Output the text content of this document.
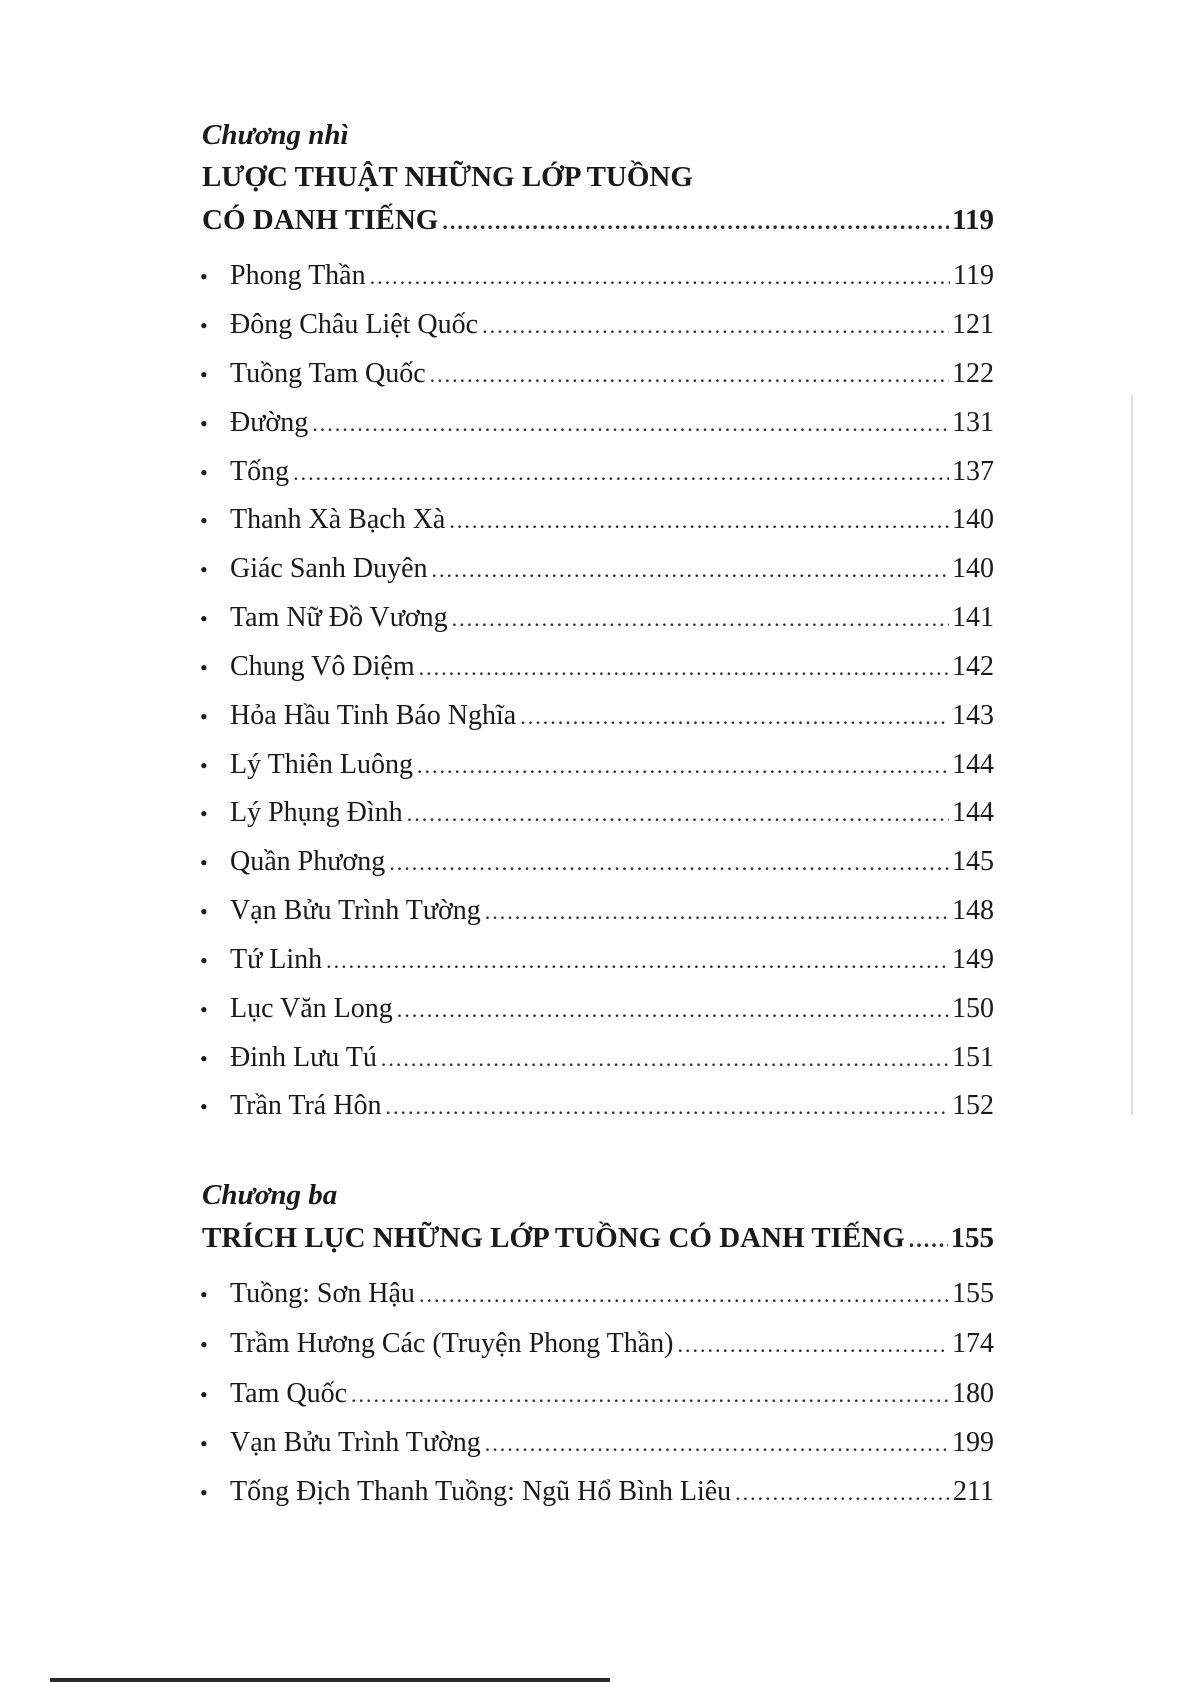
Chương nhì
LƯỢC THUẬT NHỮNG LỚP TUỒNG
CÓ DANH TIẾNG .....	119
• Phong Thần .....	119
• Đông Châu Liệt Quốc .....	121
• Tuồng Tam Quốc .....	122
• Đường .....	131
• Tống .....	137
• Thanh Xà Bạch Xà .....	140
• Giác Sanh Duyên .....	140
• Tam Nữ Đồ Vương .....	141
• Chung Vô Diệm .....	142
• Hỏa Hầu Tinh Báo Nghĩa .....	143
• Lý Thiên Luông .....	144
• Lý Phụng Đình .....	144
• Quần Phương .....	145
• Vạn Bửu Trình Tường .....	148
• Tứ Linh .....	149
• Lục Văn Long .....	150
• Đinh Lưu Tú .....	151
• Trần Trá Hôn .....	152
Chương ba
TRÍCH LỤC NHỮNG LỚP TUỒNG CÓ DANH TIẾNG ..... 155
• Tuồng: Sơn Hậu .....	155
• Trầm Hương Các (Truyện Phong Thần) .....	174
• Tam Quốc .....	180
• Vạn Bửu Trình Tường .....	199
• Tống Địch Thanh Tuồng: Ngũ Hổ Bình Liêu .....	211
